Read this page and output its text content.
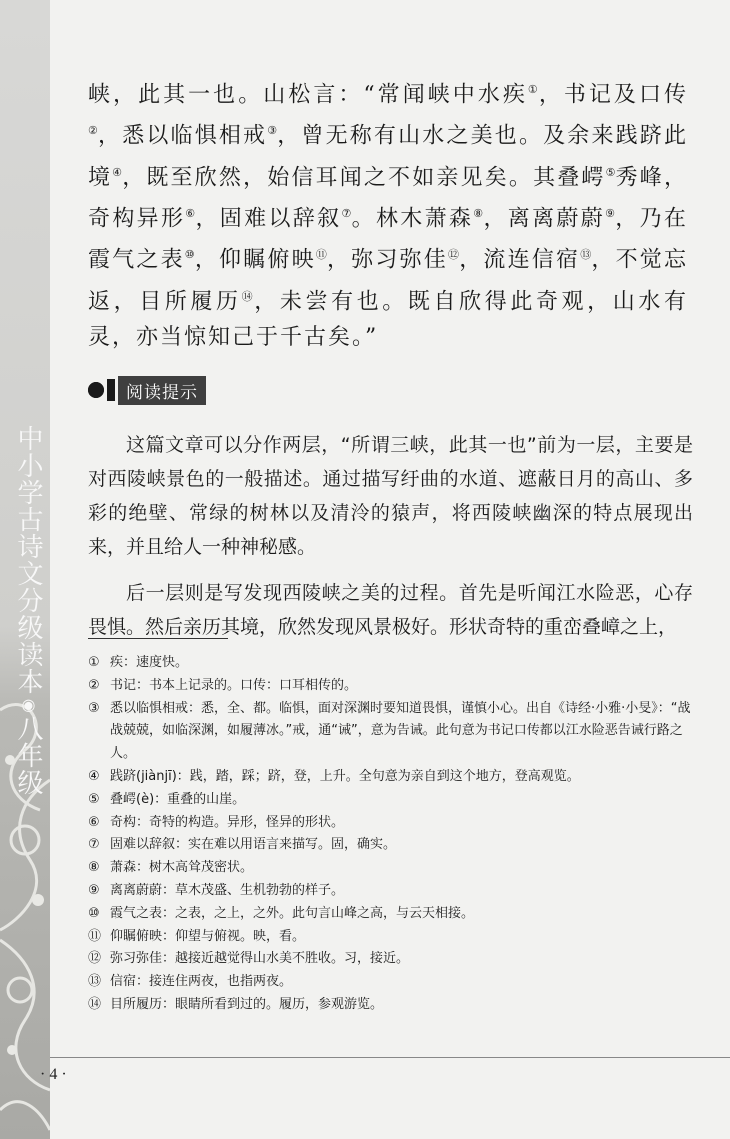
中小学古诗文分级读本◉八年级

峡，此其一也。山松言：“常闻峡中水疾①，书记及口传②，悉以临惧相戒③，曾无称有山水之美也。及余来践跻此境④，既至欣然，始信耳闻之不如亲见矣。其叠崿⑤秀峰，奇构异形⑥，固难以辞叙⑦。林木萧森⑧，离离蔚蔚⑨，乃在霞气之表⑩，仰瞩俯映⑪，弥习弥佳⑫，流连信宿⑬，不觉忘返，目所履历⑭，未尝有也。既自欣得此奇观，山水有灵，亦当惊知己于千古矣。”

阅读提示

这篇文章可以分作两层，“所谓三峡，此其一也”前为一层，主要是对西陵峡景色的一般描述。通过描写纡曲的水道、遮蔽日月的高山、多彩的绝壁、常绿的树林以及清泠的猿声，将西陵峡幽深的特点展现出来，并且给人一种神秘感。

后一层则是写发现西陵峡之美的过程。首先是听闻江水险恶，心存畏惧。然后亲历其境，欣然发现风景极好。形状奇特的重峦叠嶂之上，

① 疾：速度快。
② 书记：书本上记录的。口传：口耳相传的。
③ 悉以临惧相戒：悉，全、都。临惧，面对深渊时要知道畏惧，谨慎小心。出自《诗经·小雅·小旻》：“战战兢兢，如临深渊，如履薄冰。”戒，通“诫”，意为告诫。此句意为书记口传都以江水险恶告诫行路之人。
④ 践跻(jiànjī)：践，踏，踩；跻，登，上升。全句意为亲自到这个地方，登高观览。
⑤ 叠崿(è)：重叠的山崖。
⑥ 奇构：奇特的构造。异形，怪异的形状。
⑦ 固难以辞叙：实在难以用语言来描写。固，确实。
⑧ 萧森：树木高耸茂密状。
⑨ 离离蔚蔚：草木茂盛、生机勃勃的样子。
⑩ 霞气之表：之表，之上，之外。此句言山峰之高，与云天相接。
⑪ 仰瞩俯映：仰望与俯视。映，看。
⑫ 弥习弥佳：越接近越觉得山水美不胜收。习，接近。
⑬ 信宿：接连住两夜，也指两夜。
⑭ 目所履历：眼睛所看到过的。履历，参观游览。
· 4 ·
